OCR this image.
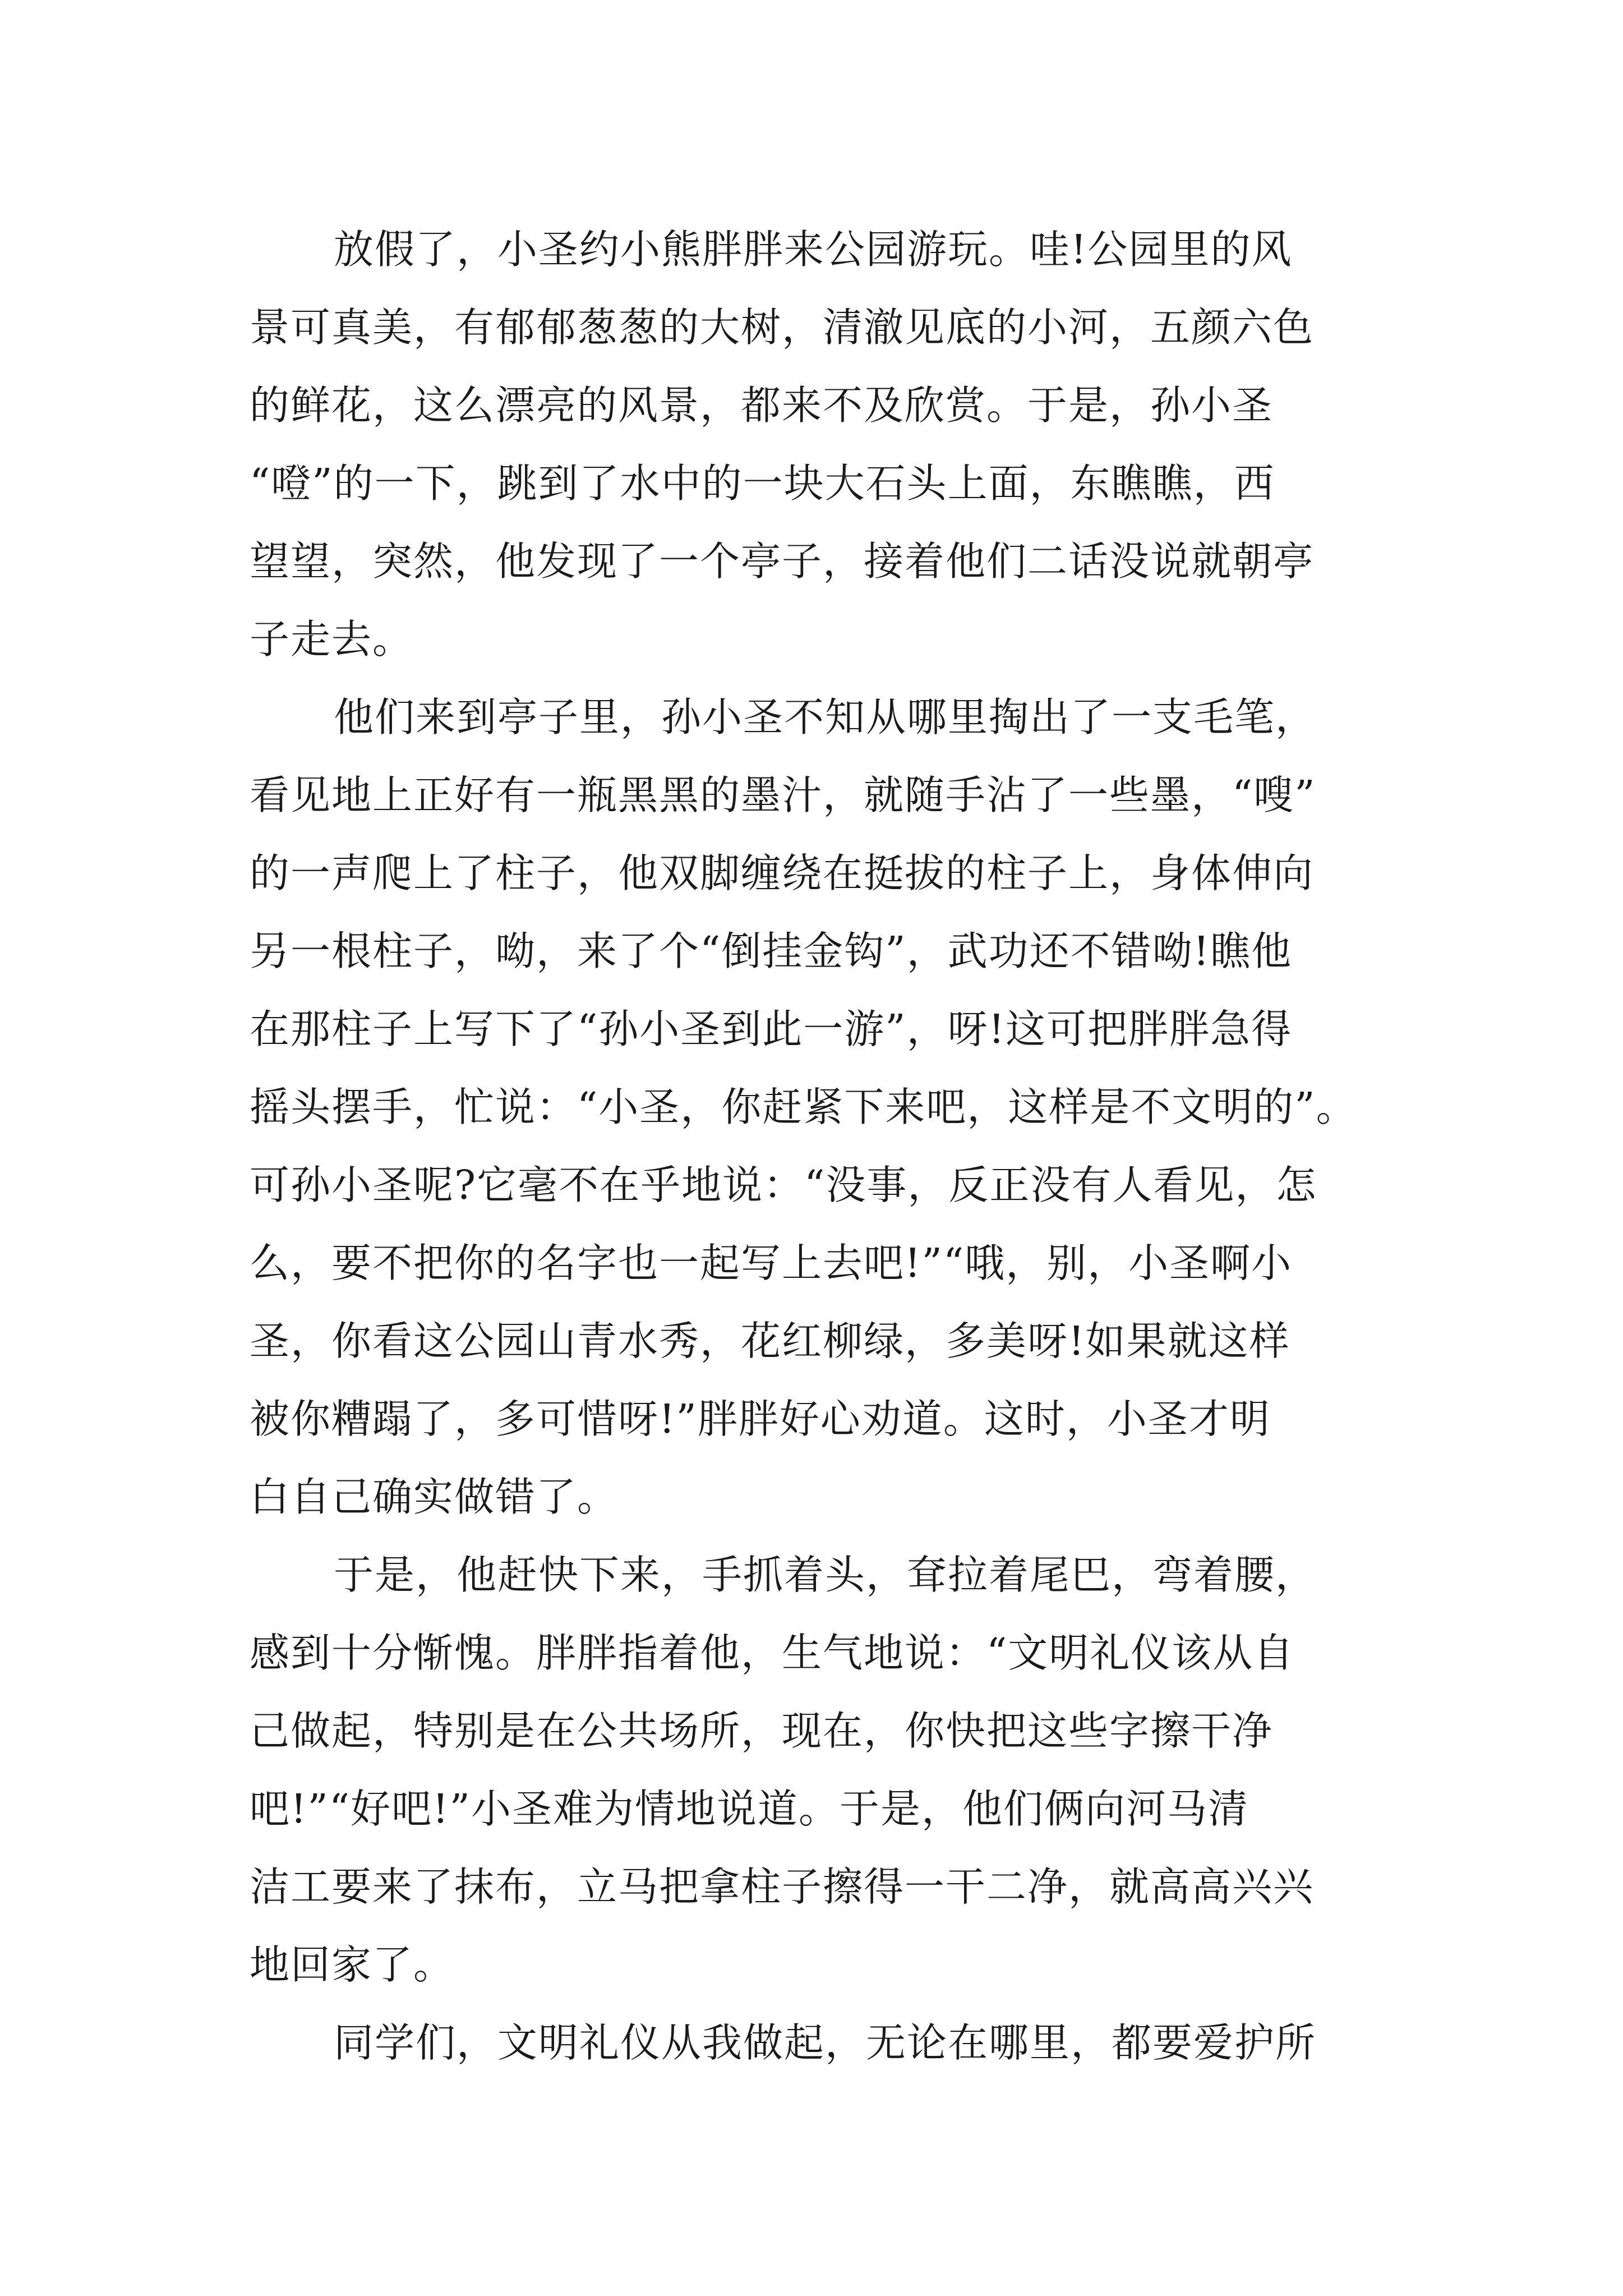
放假了，小圣约小熊胖胖来公园游玩。哇!公园里的风
景可真美，有郁郁葱葱的大树，清澈见底的小河，五颜六色
的鲜花，这么漂亮的风景，都来不及欣赏。于是，孙小圣
“噔”的一下，跳到了水中的一块大石头上面，东瞧瞧，西
望望，突然，他发现了一个亭子，接着他们二话没说就朝亭
子走去。
他们来到亭子里，孙小圣不知从哪里掏出了一支毛笔，
看见地上正好有一瓶黑黑的墨汁，就随手沾了一些墨，“嗖”
的一声爬上了柱子，他双脚缠绕在挺拔的柱子上，身体伸向
另一根柱子，呦，来了个“倒挂金钩”，武功还不错呦!瞧他
在那柱子上写下了“孙小圣到此一游”，呀!这可把胖胖急得
摇头摆手，忙说：“小圣，你赶紧下来吧，这样是不文明的”。
可孙小圣呢?它毫不在乎地说：“没事，反正没有人看见，怎
么，要不把你的名字也一起写上去吧!”“哦，别，小圣啊小
圣，你看这公园山青水秀，花红柳绿，多美呀!如果就这样
被你糟蹋了，多可惜呀!”胖胖好心劝道。这时，小圣才明
白自己确实做错了。
于是，他赶快下来，手抓着头，耷拉着尾巴，弯着腰，
感到十分惭愧。胖胖指着他，生气地说：“文明礼仪该从自
己做起，特别是在公共场所，现在，你快把这些字擦干净
吧!”“好吧!”小圣难为情地说道。于是，他们俩向河马清
洁工要来了抹布，立马把拿柱子擦得一干二净，就高高兴兴
地回家了。
同学们，文明礼仪从我做起，无论在哪里，都要爱护所
